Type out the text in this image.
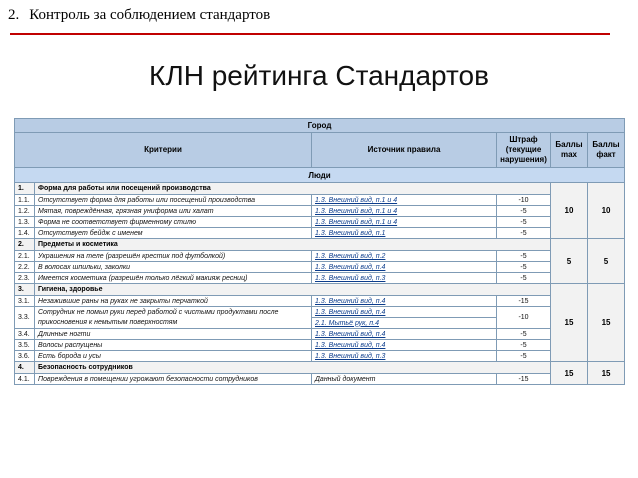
2. Контроль за соблюдением стандартов
КЛН рейтинга Стандартов
Город					
Критерии		Источник правила	Штраф (текущие нарушения)	Баллы max	Баллы факт
Люди					
1.	Форма для работы или посещений производства			10	10
1.1.	Отсутствует форма для работы или посещений производства	1.3. Внешний вид, п.1 и 4	-10		
1.2.	Мятая, повреждённая, грязная униформа или халат	1.3. Внешний вид, п.1 и 4	-5		
1.3.	Форма не соответствует фирменному стилю	1.3. Внешний вид, п.1 и 4	-5		
1.4.	Отсутствует бейдж с именем	1.3. Внешний вид, п.1	-5		
2.	Предметы и косметика			5	5
2.1.	Украшения на теле (разрешён крестик под футболкой)	1.3. Внешний вид, п.2	-5		
2.2.	В волосах шпильки, заколки	1.3. Внешний вид, п.4	-5		
2.3.	Имеется косметика (разрешён только лёгкий макияж ресниц)	1.3. Внешний вид, п.3	-5		
3.	Гигиена, здоровье			15	15
3.1.	Незажившие раны на руках не закрыты перчаткой	1.3. Внешний вид, п.4	-15		
3.3.	Сотрудник не помыл руки перед работой с чистыми продуктами после прикосновения к немытым поверхностям	1.3. Внешний вид, п.4	-10		
		2.1. Мытьё рук, п.4			
3.4.	Длинные ногти	1.3. Внешний вид, п.4	-5		
3.5.	Волосы распущены	1.3. Внешний вид, п.4	-5		
3.6.	Есть борода и усы	1.3. Внешний вид, п.3	-5		
4.	Безопасность сотрудников			15	15
4.1.	Повреждения в помещении угрожают безопасности сотрудников	Данный документ	-15		
